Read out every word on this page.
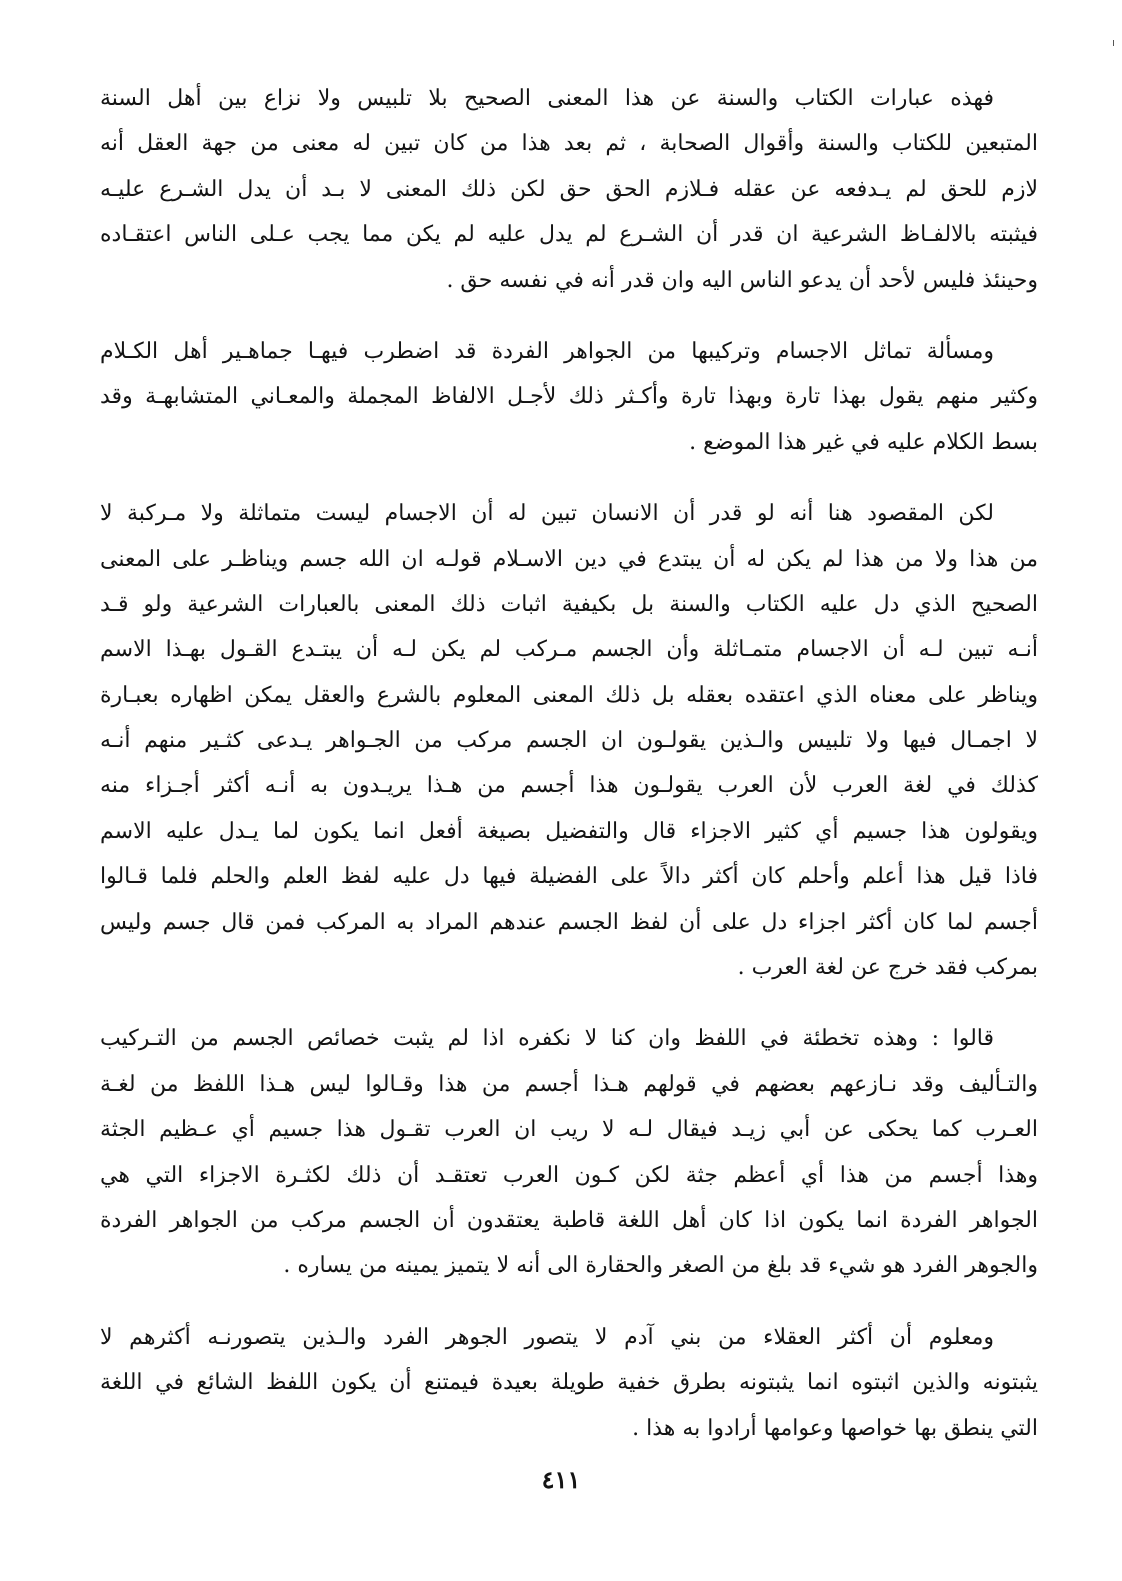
فهذه عبارات الكتاب والسنة عن هذا المعنى الصحيح بلا تلبيس ولا نزاع بين أهل السنة
المتبعين للكتاب والسنة وأقوال الصحابة ، ثم بعد هذا من كان تبين له معنى من جهة العقل أنه
لازم للحق لم يـدفعه عن عقله فـلازم الحق حق لكن ذلك المعنى لا بـد أن يدل الشـرع عليـه
فيثبته بالالفـاظ الشرعية ان قدر أن الشـرع لم يدل عليه لم يكن مما يجب عـلى الناس اعتقـاده
وحينئذ فليس لأحد أن يدعو الناس اليه وان قدر أنه في نفسه حق .
ومسألة تماثل الاجسام وتركيبها من الجواهر الفردة قد اضطرب فيهـا جماهـير أهل الكـلام
وكثير منهم يقول بهذا تارة وبهذا تارة وأكـثر ذلك لأجـل الالفاظ المجملة والمعـاني المتشابهـة وقد
بسط الكلام عليه في غير هذا الموضع .
لكن المقصود هنا أنه لو قدر أن الانسان تبين له أن الاجسام ليست متماثلة ولا مـركبة لا
من هذا ولا من هذا لم يكن له أن يبتدع في دين الاسـلام قولـه ان الله جسم ويناظـر على المعنى
الصحيح الذي دل عليه الكتاب والسنة بل بكيفية اثبات ذلك المعنى بالعبارات الشرعية ولو قـد
أنـه تبين لـه أن الاجسام متمـاثلة وأن الجسم مـركب لم يكن لـه أن يبتـدع القـول بهـذا الاسم
ويناظر على معناه الذي اعتقده بعقله بل ذلك المعنى المعلوم بالشرع والعقل يمكن اظهاره بعبـارة
لا اجمـال فيها ولا تلبيس والـذين يقولـون ان الجسم مركب من الجـواهر يـدعى كثـير منهم أنـه
كذلك في لغة العرب لأن العرب يقولـون هذا أجسم من هـذا يريـدون به أنـه أكثر أجـزاء منه
ويقولون هذا جسيم أي كثير الاجزاء قال والتفضيل بصيغة أفعل انما يكون لما يـدل عليه الاسم
فاذا قيل هذا أعلم وأحلم كان أكثر دالاً على الفضيلة فيها دل عليه لفظ العلم والحلم فلما قـالوا
أجسم لما كان أكثر اجزاء دل على أن لفظ الجسم عندهم المراد به المركب فمن قال جسم وليس
بمركب فقد خرج عن لغة العرب .
قالوا : وهذه تخطئة في اللفظ وان كنا لا نكفره اذا لم يثبت خصائص الجسم من التـركيب
والتـأليف وقد نـازعهم بعضهم في قولهم هـذا أجسم من هذا وقـالوا ليس هـذا اللفظ من لغـة
العـرب كما يحكى عن أبي زيـد فيقال لـه لا ريب ان العرب تقـول هذا جسيم أي عـظيم الجثة
وهذا أجسم من هذا أي أعظم جثة لكن كـون العرب تعتقـد أن ذلك لكثـرة الاجزاء التي هي
الجواهر الفردة انما يكون اذا كان أهل اللغة قاطبة يعتقدون أن الجسم مركب من الجواهر الفردة
والجوهر الفرد هو شيء قد بلغ من الصغر والحقارة الى أنه لا يتميز يمينه من يساره .
ومعلوم أن أكثر العقلاء من بني آدم لا يتصور الجوهر الفرد والـذين يتصورنـه أكثرهم لا
يثبتونه والذين اثبتوه انما يثبتونه بطرق خفية طويلة بعيدة فيمتنع أن يكون اللفظ الشائع في اللغة
التي ينطق بها خواصها وعوامها أرادوا به هذا .
٤١١
